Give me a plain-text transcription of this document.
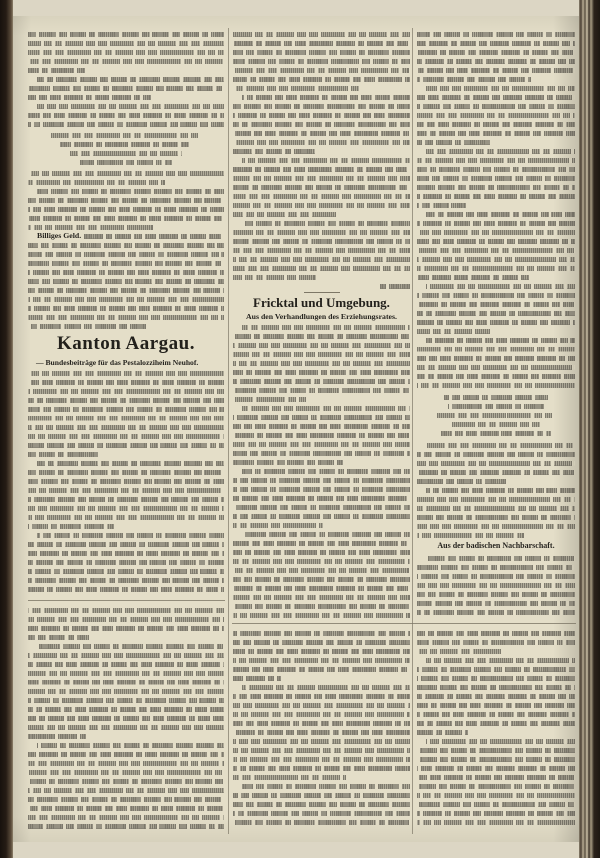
Billiges Geld.
Kanton Aargau.
— Bundesbeiträge für das Pestalozziheim Neuhof.
Fricktal und Umgebung.
Aus den Verhandlungen des Erziehungsrates.
Aus der badischen Nachbarschaft.
